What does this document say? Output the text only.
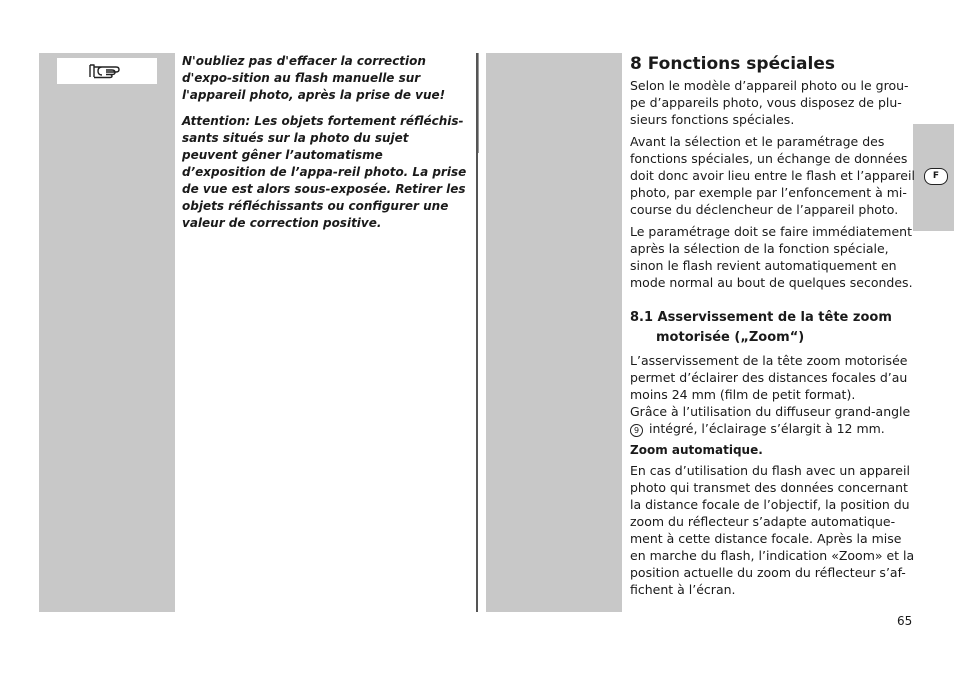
F

N'oubliez pas d'effacer la correction d'expo-sition au flash manuelle sur l'appareil photo, après la prise de vue!

Attention: Les objets fortement réfléchis-sants situés sur la photo du sujet peuvent gêner l’automatisme d’exposition de l’appa-reil photo. La prise de vue est alors sous-exposée. Retirer les objets réfléchissants ou configurer une valeur de correction positive.

8 Fonctions spéciales

Selon le modèle d’appareil photo ou le grou-pe d’appareils photo, vous disposez de plu-sieurs fonctions spéciales.

Avant la sélection et le paramétrage des fonctions spéciales, un échange de données doit donc avoir lieu entre le flash et l’appareil photo, par exemple par l’enfoncement à mi-course du déclencheur de l’appareil photo.

Le paramétrage doit se faire immédiatement après la sélection de la fonction spéciale, sinon le flash revient automatiquement en mode normal au bout de quelques secondes.

8.1 Asservissement de la tête zoom
motorisée („Zoom“)

L’asservissement de la tête zoom motorisée permet d’éclairer des distances focales d’au moins 24 mm (film de petit format).
Grâce à l’utilisation du diffuseur grand-angle
9 intégré, l’éclairage s’élargit à 12 mm.

Zoom automatique.

En cas d’utilisation du flash avec un appareil photo qui transmet des données concernant la distance focale de l’objectif, la position du zoom du réflecteur s’adapte automatique-ment à cette distance focale. Après la mise en marche du flash, l’indication «Zoom» et la position actuelle du zoom du réflecteur s’af-fichent à l’écran.

65
